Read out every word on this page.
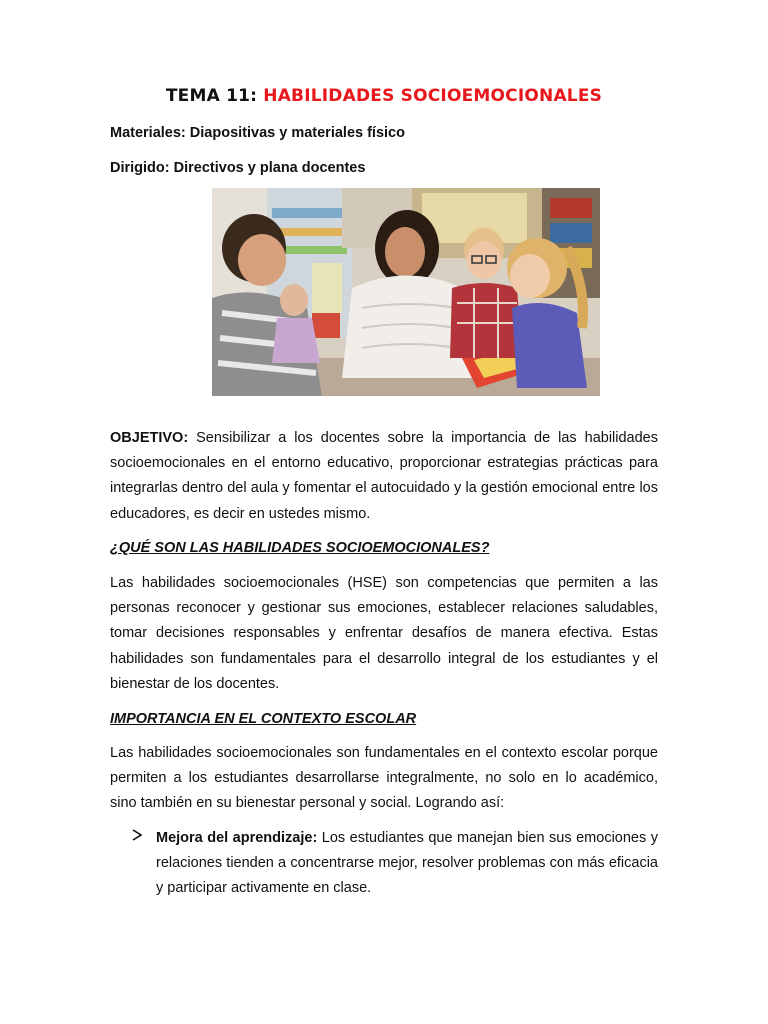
TEMA 11: HABILIDADES SOCIOEMOCIONALES
Materiales: Diapositivas y materiales físico
Dirigido: Directivos y plana docentes
OBJETIVO: Sensibilizar a los docentes sobre la importancia de las habilidades socioemocionales en el entorno educativo, proporcionar estrategias prácticas para integrarlas dentro del aula y fomentar el autocuidado y la gestión emocional entre los educadores, es decir en ustedes mismo.
¿QUÉ SON LAS HABILIDADES SOCIOEMOCIONALES?
Las habilidades socioemocionales (HSE) son competencias que permiten a las personas reconocer y gestionar sus emociones, establecer relaciones saludables, tomar decisiones responsables y enfrentar desafíos de manera efectiva. Estas habilidades son fundamentales para el desarrollo integral de los estudiantes y el bienestar de los docentes.
IMPORTANCIA EN EL CONTEXTO ESCOLAR
Las habilidades socioemocionales son fundamentales en el contexto escolar porque permiten a los estudiantes desarrollarse integralmente, no solo en lo académico, sino también en su bienestar personal y social. Logrando así:
Mejora del aprendizaje: Los estudiantes que manejan bien sus emociones y relaciones tienden a concentrarse mejor, resolver problemas con más eficacia y participar activamente en clase.
